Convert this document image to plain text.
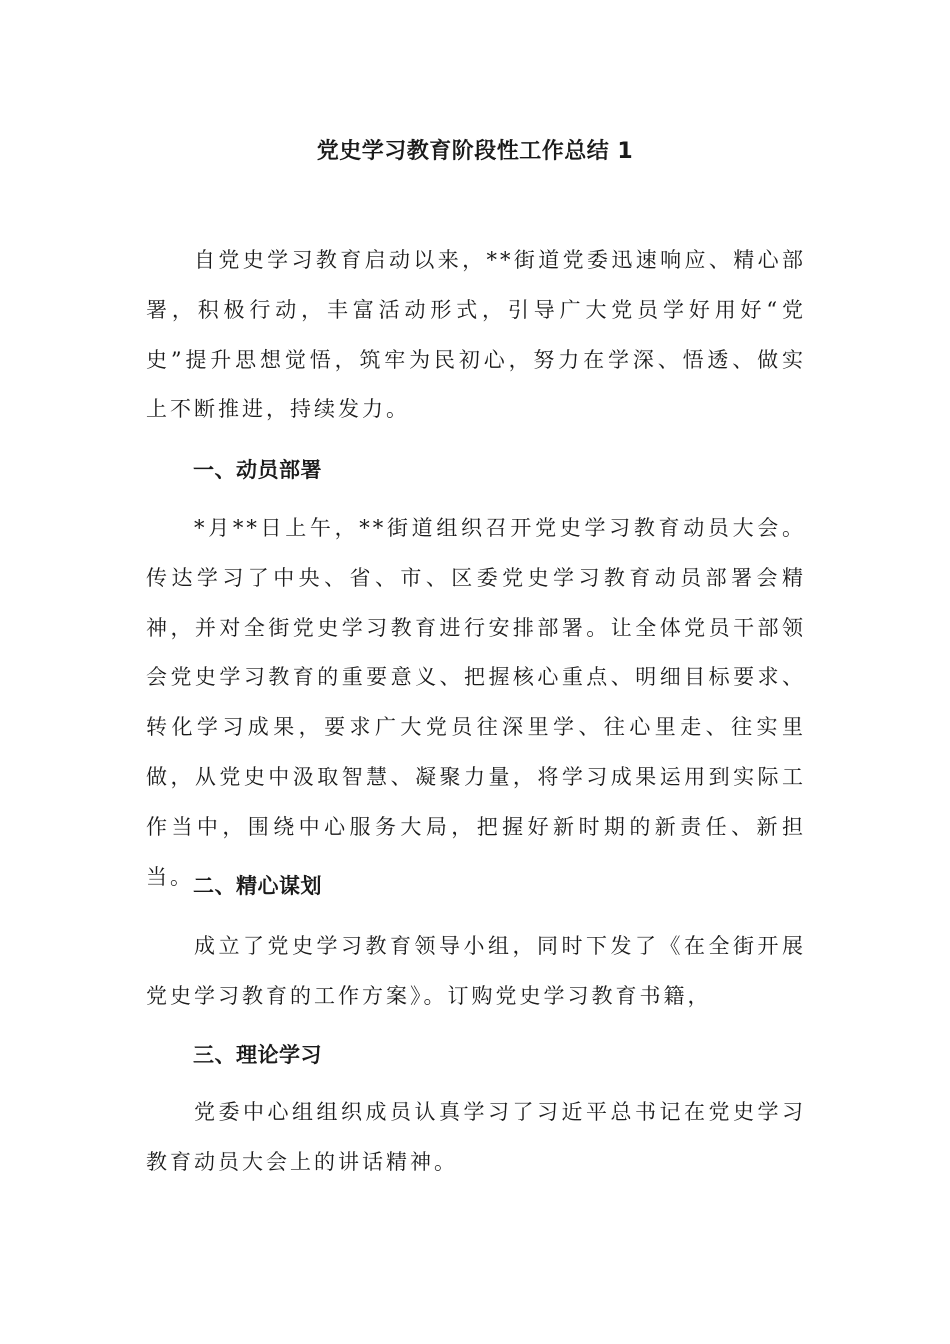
党史学习教育阶段性工作总结 1

自党史学习教育启动以来，**街道党委迅速响应、精心部署，积极行动，丰富活动形式，引导广大党员学好用好“党史”提升思想觉悟，筑牢为民初心，努力在学深、悟透、做实上不断推进，持续发力。

一、动员部署

*月**日上午，**街道组织召开党史学习教育动员大会。传达学习了中央、省、市、区委党史学习教育动员部署会精神，并对全街党史学习教育进行安排部署。让全体党员干部领会党史学习教育的重要意义、把握核心重点、明细目标要求、转化学习成果，要求广大党员往深里学、往心里走、往实里做，从党史中汲取智慧、凝聚力量，将学习成果运用到实际工作当中，围绕中心服务大局，把握好新时期的新责任、新担当。 二、精心谋划

成立了党史学习教育领导小组，同时下发了《在全街开展党史学习教育的工作方案》。订购党史学习教育书籍，

三、理论学习

党委中心组组织成员认真学习了习近平总书记在党史学习教育动员大会上的讲话精神。
